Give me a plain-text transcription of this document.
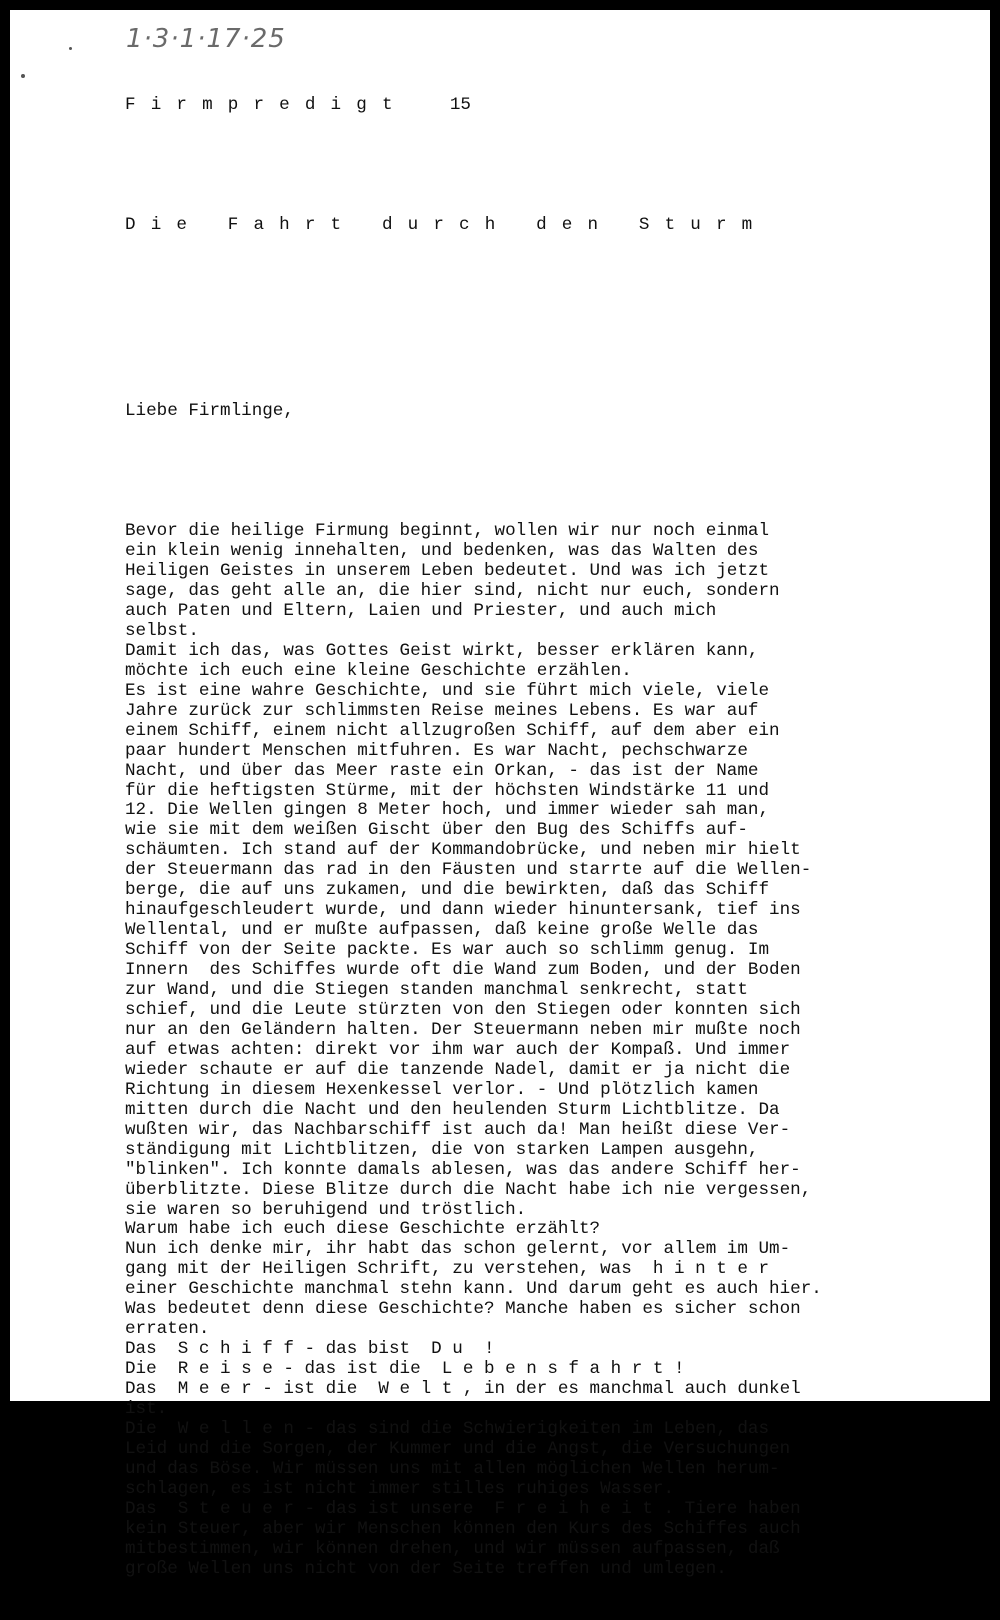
1·3·1·17·25

Firmpredigt 15

Die Fahrt durch den Sturm

Liebe Firmlinge,

Bevor die heilige Firmung beginnt, wollen wir nur noch einmal
ein klein wenig innehalten, und bedenken, was das Walten des
Heiligen Geistes in unserem Leben bedeutet. Und was ich jetzt
sage, das geht alle an, die hier sind, nicht nur euch, sondern
auch Paten und Eltern, Laien und Priester, und auch mich
selbst.
Damit ich das, was Gottes Geist wirkt, besser erklären kann,
möchte ich euch eine kleine Geschichte erzählen.
Es ist eine wahre Geschichte, und sie führt mich viele, viele
Jahre zurück zur schlimmsten Reise meines Lebens. Es war auf
einem Schiff, einem nicht allzugroßen Schiff, auf dem aber ein
paar hundert Menschen mitfuhren. Es war Nacht, pechschwarze
Nacht, und über das Meer raste ein Orkan, - das ist der Name
für die heftigsten Stürme, mit der höchsten Windstärke 11 und
12. Die Wellen gingen 8 Meter hoch, und immer wieder sah man,
wie sie mit dem weißen Gischt über den Bug des Schiffs auf-
schäumten. Ich stand auf der Kommandobrücke, und neben mir hielt
der Steuermann das rad in den Fäusten und starrte auf die Wellen-
berge, die auf uns zukamen, und die bewirkten, daß das Schiff
hinaufgeschleudert wurde, und dann wieder hinuntersank, tief ins
Wellental, und er mußte aufpassen, daß keine große Welle das
Schiff von der Seite packte. Es war auch so schlimm genug. Im
Innern  des Schiffes wurde oft die Wand zum Boden, und der Boden
zur Wand, und die Stiegen standen manchmal senkrecht, statt
schief, und die Leute stürzten von den Stiegen oder konnten sich
nur an den Geländern halten. Der Steuermann neben mir mußte noch
auf etwas achten: direkt vor ihm war auch der Kompaß. Und immer
wieder schaute er auf die tanzende Nadel, damit er ja nicht die
Richtung in diesem Hexenkessel verlor. - Und plötzlich kamen
mitten durch die Nacht und den heulenden Sturm Lichtblitze. Da
wußten wir, das Nachbarschiff ist auch da! Man heißt diese Ver-
ständigung mit Lichtblitzen, die von starken Lampen ausgehn,
"blinken". Ich konnte damals ablesen, was das andere Schiff her-
überblitzte. Diese Blitze durch die Nacht habe ich nie vergessen,
sie waren so beruhigend und tröstlich.
Warum habe ich euch diese Geschichte erzählt?
Nun ich denke mir, ihr habt das schon gelernt, vor allem im Um-
gang mit der Heiligen Schrift, zu verstehen, was  h i n t e r
einer Geschichte manchmal stehn kann. Und darum geht es auch hier.
Was bedeutet denn diese Geschichte? Manche haben es sicher schon
erraten.
Das  S c h i f f - das bist  D u  !
Die  R e i s e - das ist die  L e b e n s f a h r t !
Das  M e e r - ist die  W e l t , in der es manchmal auch dunkel
ist.
Die  W e l l e n - das sind die Schwierigkeiten im Leben, das
Leid und die Sorgen, der Kummer und die Angst, die Versuchungen
und das Böse. Wir müssen uns mit allen möglichen Wellen herum-
schlagen, es ist nicht immer stilles ruhiges Wasser.
Das  S t e u e r - das ist unsere  F r e i h e i t . Tiere haben
kein Steuer, aber wir Menschen können den Kurs des Schiffes auch
mitbestimmen, wir können drehen, und wir müssen aufpassen, daß
große Wellen uns nicht von der Seite treffen und umlegen.
